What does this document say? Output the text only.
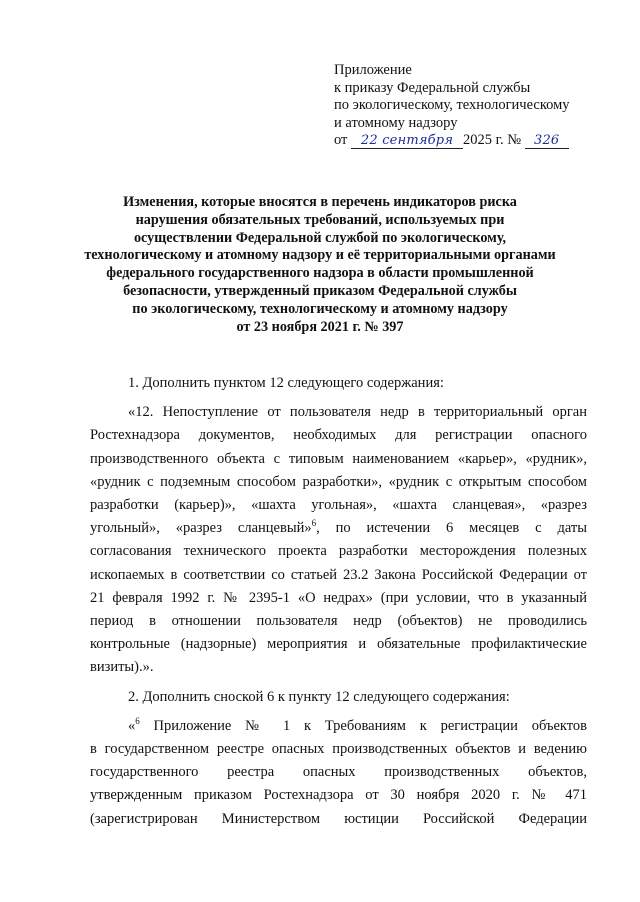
Приложение
к приказу Федеральной службы
по экологическому, технологическому
и атомному надзору
от 22 сентября 2025 г. № 326
Изменения, которые вносятся в перечень индикаторов риска
нарушения обязательных требований, используемых при
осуществлении Федеральной службой по экологическому,
технологическому и атомному надзору и её территориальными органами
федерального государственного надзора в области промышленной
безопасности, утвержденный приказом Федеральной службы
по экологическому, технологическому и атомному надзору
от 23 ноября 2021 г. № 397
1. Дополнить пунктом 12 следующего содержания:
«12. Непоступление от пользователя недр в территориальный орган
Ростехнадзора документов, необходимых для регистрации опасного
производственного объекта с типовым наименованием «карьер», «рудник»,
«рудник с подземным способом разработки», «рудник с открытым способом
разработки (карьер)», «шахта угольная», «шахта сланцевая», «разрез
угольный», «разрез сланцевый»$^6$, по истечении 6 месяцев с даты
согласования технического проекта разработки месторождения полезных
ископаемых в соответствии со статьей 23.2 Закона Российской Федерации от
21 февраля 1992 г. № 2395-1 «О недрах» (при условии, что в указанный
период в отношении пользователя недр (объектов) не проводились
контрольные (надзорные) мероприятия и обязательные профилактические
визиты).».
2. Дополнить сноской 6 к пункту 12 следующего содержания:
«$^6$ Приложение № 1 к Требованиям к регистрации объектов
в государственном реестре опасных производственных объектов и ведению
государственного реестра опасных производственных объектов,
утвержденным приказом Ростехнадзора от 30 ноября 2020 г. № 471
(зарегистрирован Министерством юстиции Российской Федерации
